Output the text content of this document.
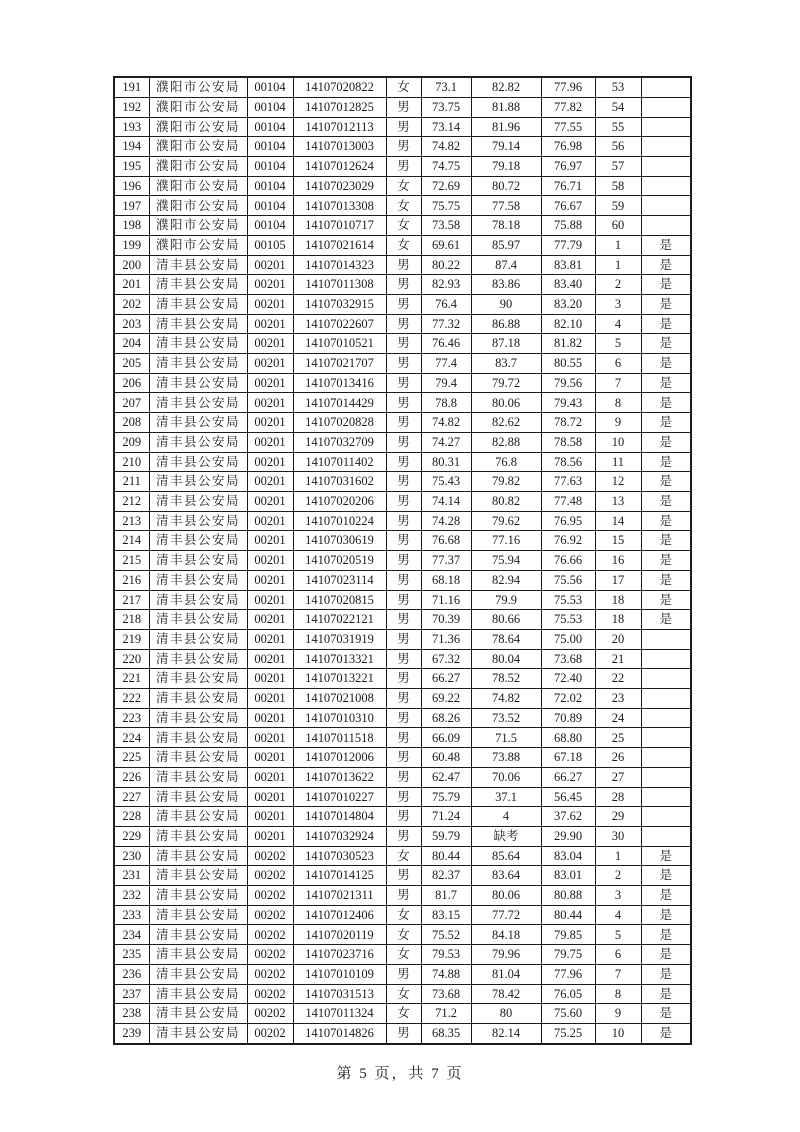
191	濮阳市公安局	00104	14107020822	女	73.1	82.82	77.96	53	
192	濮阳市公安局	00104	14107012825	男	73.75	81.88	77.82	54	
193	濮阳市公安局	00104	14107012113	男	73.14	81.96	77.55	55	
194	濮阳市公安局	00104	14107013003	男	74.82	79.14	76.98	56	
195	濮阳市公安局	00104	14107012624	男	74.75	79.18	76.97	57	
196	濮阳市公安局	00104	14107023029	女	72.69	80.72	76.71	58	
197	濮阳市公安局	00104	14107013308	女	75.75	77.58	76.67	59	
198	濮阳市公安局	00104	14107010717	女	73.58	78.18	75.88	60	
199	濮阳市公安局	00105	14107021614	女	69.61	85.97	77.79	1	是
200	清丰县公安局	00201	14107014323	男	80.22	87.4	83.81	1	是
201	清丰县公安局	00201	14107011308	男	82.93	83.86	83.40	2	是
202	清丰县公安局	00201	14107032915	男	76.4	90	83.20	3	是
203	清丰县公安局	00201	14107022607	男	77.32	86.88	82.10	4	是
204	清丰县公安局	00201	14107010521	男	76.46	87.18	81.82	5	是
205	清丰县公安局	00201	14107021707	男	77.4	83.7	80.55	6	是
206	清丰县公安局	00201	14107013416	男	79.4	79.72	79.56	7	是
207	清丰县公安局	00201	14107014429	男	78.8	80.06	79.43	8	是
208	清丰县公安局	00201	14107020828	男	74.82	82.62	78.72	9	是
209	清丰县公安局	00201	14107032709	男	74.27	82.88	78.58	10	是
210	清丰县公安局	00201	14107011402	男	80.31	76.8	78.56	11	是
211	清丰县公安局	00201	14107031602	男	75.43	79.82	77.63	12	是
212	清丰县公安局	00201	14107020206	男	74.14	80.82	77.48	13	是
213	清丰县公安局	00201	14107010224	男	74.28	79.62	76.95	14	是
214	清丰县公安局	00201	14107030619	男	76.68	77.16	76.92	15	是
215	清丰县公安局	00201	14107020519	男	77.37	75.94	76.66	16	是
216	清丰县公安局	00201	14107023114	男	68.18	82.94	75.56	17	是
217	清丰县公安局	00201	14107020815	男	71.16	79.9	75.53	18	是
218	清丰县公安局	00201	14107022121	男	70.39	80.66	75.53	18	是
219	清丰县公安局	00201	14107031919	男	71.36	78.64	75.00	20	
220	清丰县公安局	00201	14107013321	男	67.32	80.04	73.68	21	
221	清丰县公安局	00201	14107013221	男	66.27	78.52	72.40	22	
222	清丰县公安局	00201	14107021008	男	69.22	74.82	72.02	23	
223	清丰县公安局	00201	14107010310	男	68.26	73.52	70.89	24	
224	清丰县公安局	00201	14107011518	男	66.09	71.5	68.80	25	
225	清丰县公安局	00201	14107012006	男	60.48	73.88	67.18	26	
226	清丰县公安局	00201	14107013622	男	62.47	70.06	66.27	27	
227	清丰县公安局	00201	14107010227	男	75.79	37.1	56.45	28	
228	清丰县公安局	00201	14107014804	男	71.24	4	37.62	29	
229	清丰县公安局	00201	14107032924	男	59.79	缺考	29.90	30	
230	清丰县公安局	00202	14107030523	女	80.44	85.64	83.04	1	是
231	清丰县公安局	00202	14107014125	男	82.37	83.64	83.01	2	是
232	清丰县公安局	00202	14107021311	男	81.7	80.06	80.88	3	是
233	清丰县公安局	00202	14107012406	女	83.15	77.72	80.44	4	是
234	清丰县公安局	00202	14107020119	女	75.52	84.18	79.85	5	是
235	清丰县公安局	00202	14107023716	女	79.53	79.96	79.75	6	是
236	清丰县公安局	00202	14107010109	男	74.88	81.04	77.96	7	是
237	清丰县公安局	00202	14107031513	女	73.68	78.42	76.05	8	是
238	清丰县公安局	00202	14107011324	女	71.2	80	75.60	9	是
239	清丰县公安局	00202	14107014826	男	68.35	82.14	75.25	10	是
第 5 页，共 7 页
